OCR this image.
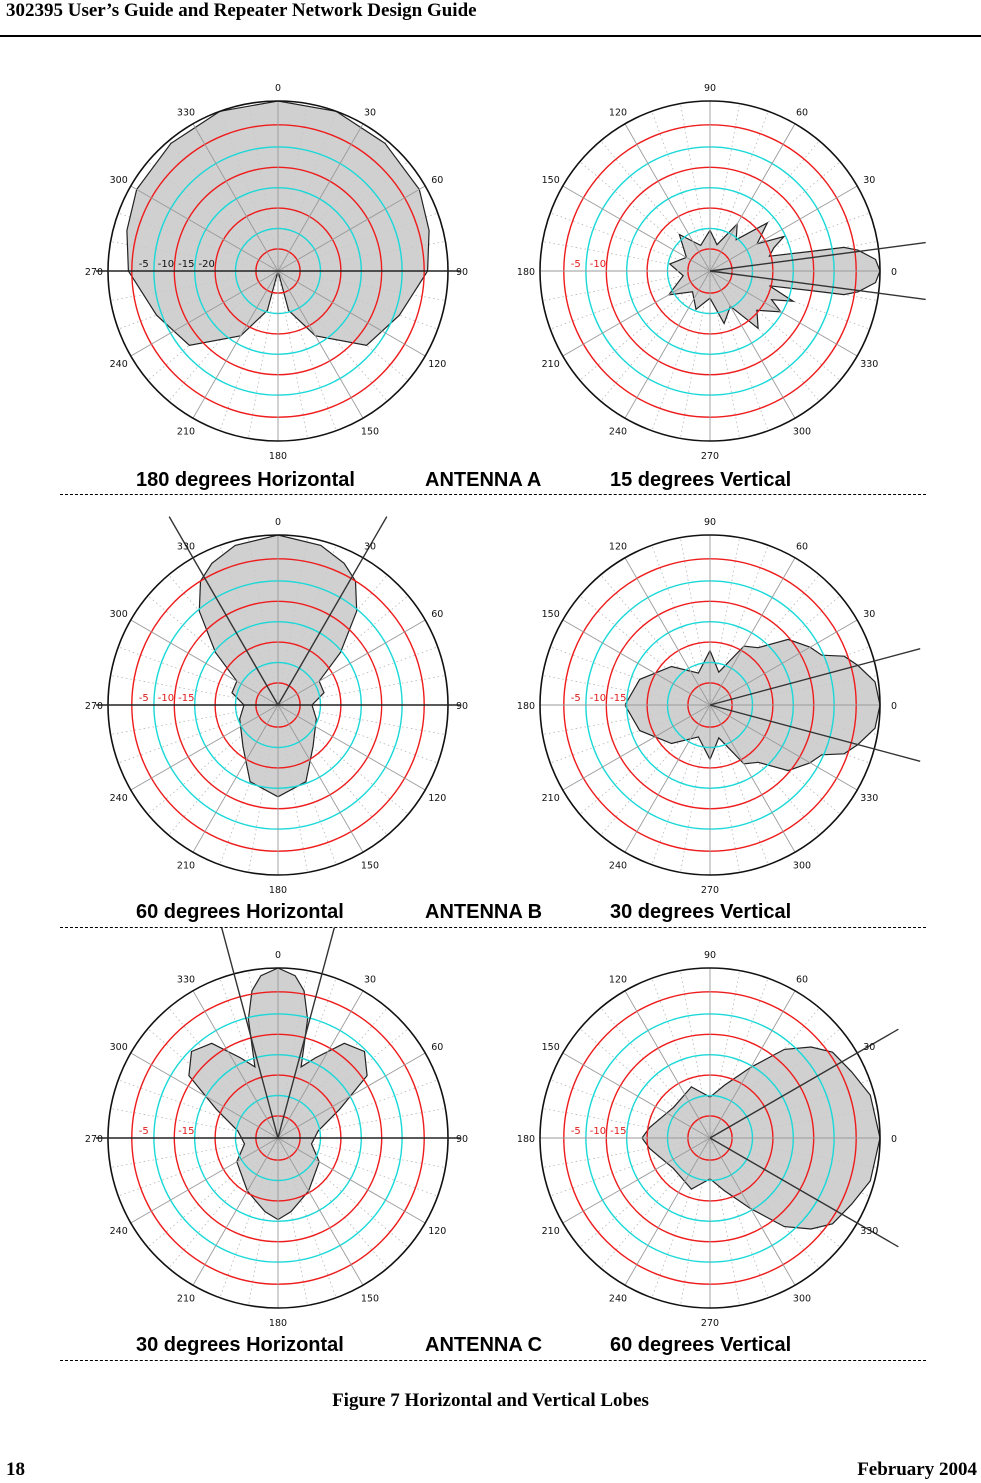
302395 User’s Guide and Repeater Network Design Guide
0
30
60
90
120
150
180
210
240
270
300
330
-5 -10 -15 -20
90
60
30
0
330
300
270
240
210
180
150
120
-5 -10 -15
0
30
60
90
120
150
180
210
240
270
300
330
-5	-15
90
60
30
0
330
300
270
240
210
180
150
120
-5 -10 -15
0
30
60
90
120
150
180
210
240
270
300
330
-5 -10 -15
90
60
30
0
330
300
270
240
210
180
150
120
-5 -10
180 degrees Horizontal	ANTENNA A	15 degrees Vertical
60 degrees Horizontal	ANTENNA B	30 degrees Vertical
30 degrees Horizontal	ANTENNA C	60 degrees Vertical
Figure 7 Horizontal and Vertical Lobes
18	February 2004
